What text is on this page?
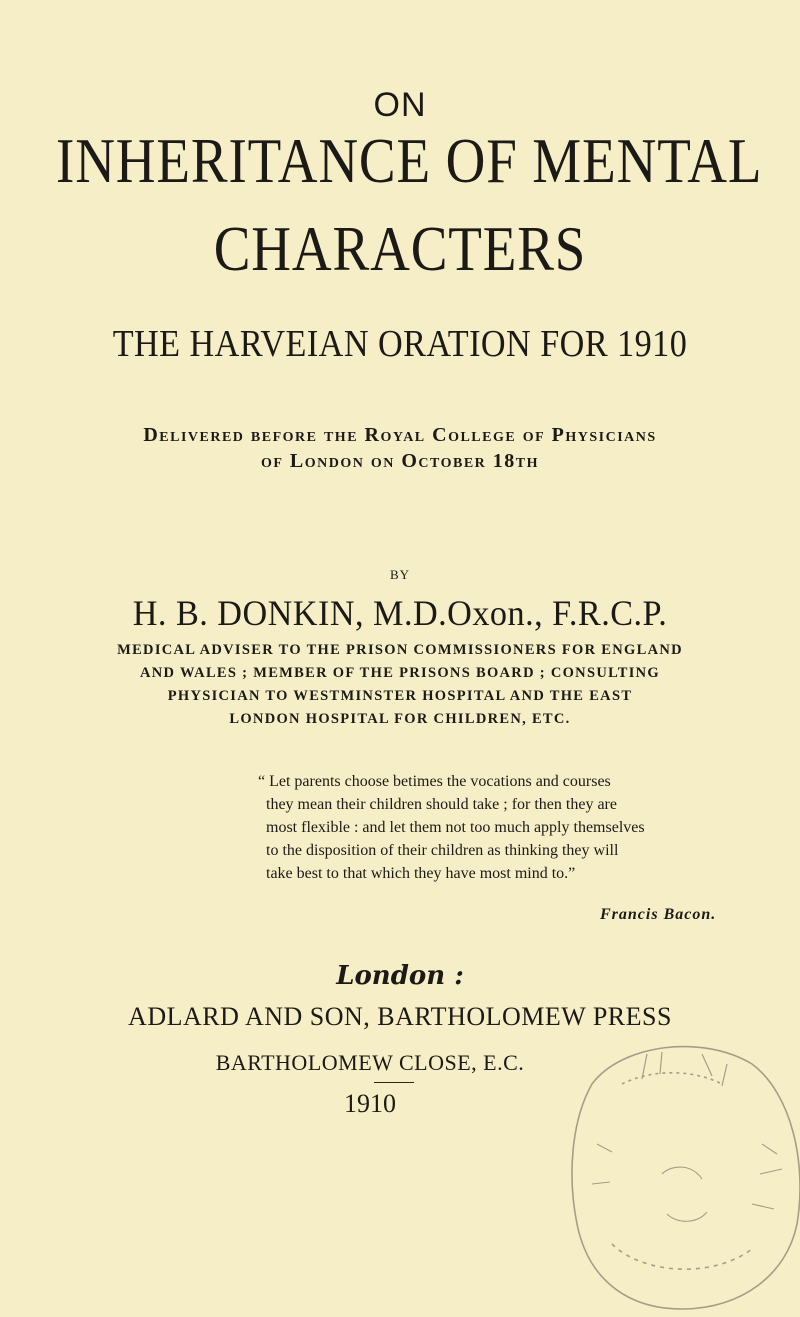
ON
INHERITANCE OF MENTAL
CHARACTERS
THE HARVEIAN ORATION FOR 1910
Delivered before the Royal College of Physicians
of London on October 18th
BY
H. B. DONKIN, M.D.Oxon., F.R.C.P.
MEDICAL ADVISER TO THE PRISON COMMISSIONERS FOR ENGLAND
AND WALES ; MEMBER OF THE PRISONS BOARD ; CONSULTING
PHYSICIAN TO WESTMINSTER HOSPITAL AND THE EAST
LONDON HOSPITAL FOR CHILDREN, ETC.
“ Let parents choose betimes the vocations and courses
they mean their children should take ; for then they are
most flexible : and let them not too much apply themselves
to the disposition of their children as thinking they will
take best to that which they have most mind to.”
Francis Bacon.
London :
ADLARD AND SON, BARTHOLOMEW PRESS
BARTHOLOMEW CLOSE, E.C.
1910
